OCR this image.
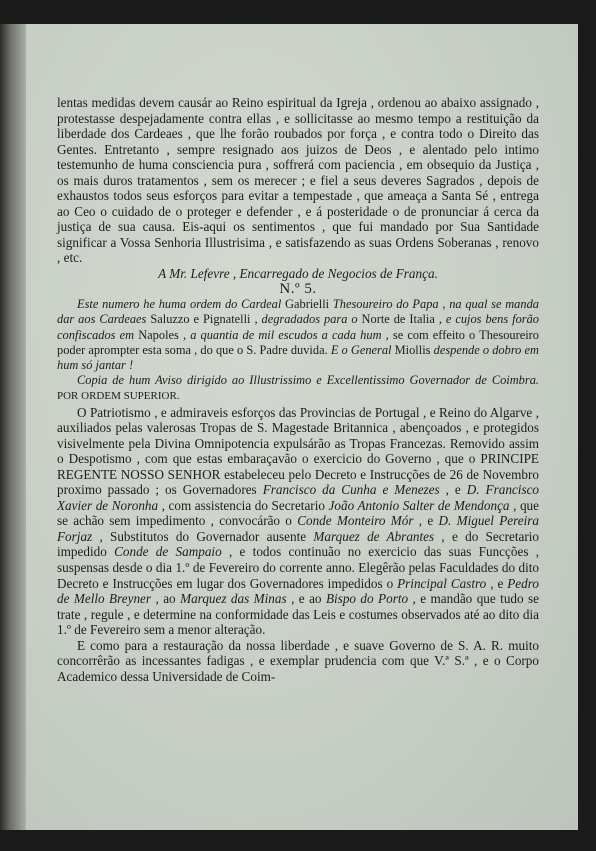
lentas medidas devem causár ao Reino espiritual da Igreja , ordenou ao abaixo assignado , protestasse despejadamente contra ellas , e sollicitasse ao mesmo tempo a restituição da liberdade dos Cardeaes , que lhe forão roubados por força , e contra todo o Direito das Gentes. Entretanto , sempre resignado aos juizos de Deos , e alentado pelo intimo testemunho de huma consciencia pura , soffrerá com paciencia , em obsequio da Justiça , os mais duros tratamentos , sem os merecer ; e fiel a seus deveres Sagrados , depois de exhaustos todos seus esforços para evitar a tempestade , que ameaça a Santa Sé , entrega ao Ceo o cuidado de o proteger e defender , e á posteridade o de pronunciar á cerca da justiça de sua causa. Eis-aqui os sentimentos , que fui mandado por Sua Santidade significar a Vossa Senhoria Illustrisima , e satisfazendo as suas Ordens Soberanas , renovo , etc.

A Mr. Lefevre , Encarregado de Negocios de França.

N.º 5.

Este numero he huma ordem do Cardeal Gabrielli Thesoureiro do Papa , na qual se manda dar aos Cardeaes Saluzzo e Pignatelli , degradados para o Norte de Italia , e cujos bens forão confiscados em Napoles , a quantia de mil escudos a cada hum , se com effeito o Thesoureiro poder aprompter esta soma , do que o S. Padre duvida. E o General Miollis despende o dobro em hum só jantar !

Copia de hum Aviso dirigido ao Illustrissimo e Excellentissimo Governador de Coimbra. POR ORDEM SUPERIOR.

O Patriotismo , e admiraveis esforços das Provincias de Portugal , e Reino do Algarve , auxiliados pelas valerosas Tropas de S. Magestade Britannica , abençoados , e protegidos visivelmente pela Divina Omnipotencia expulsárão as Tropas Francezas. Removido assim o Despotismo , com que estas embaraçavão o exercicio do Governo , que o PRINCIPE REGENTE NOSSO SENHOR estabeleceu pelo Decreto e Instrucções de 26 de Novembro proximo passado ; os Governadores Francisco da Cunha e Menezes , e D. Francisco Xavier de Noronha , com assistencia do Secretario João Antonio Salter de Mendonça , que se achão sem impedimento , convocárão o Conde Monteiro Mór , e D. Miguel Pereira Forjaz , Substitutos do Governador ausente Marquez de Abrantes , e do Secretario impedido Conde de Sampaio , e todos continuão no exercicio das suas Funcções , suspensas desde o dia 1.º de Fevereiro do corrente anno. Elegêrão pelas Faculdades do dito Decreto e Instrucções em lugar dos Governadores impedidos o Principal Castro , e Pedro de Mello Breyner , ao Marquez das Minas , e ao Bispo do Porto , e mandão que tudo se trate , regule , e determine na conformidade das Leis e costumes observados até ao dito dia 1.º de Fevereiro sem a menor alteração.

E como para a restauração da nossa liberdade , e suave Governo de S. A. R. muito concorrêrão as incessantes fadigas , e exemplar prudencia com que V.ª S.ª , e o Corpo Academico dessa Universidade de Coim-
